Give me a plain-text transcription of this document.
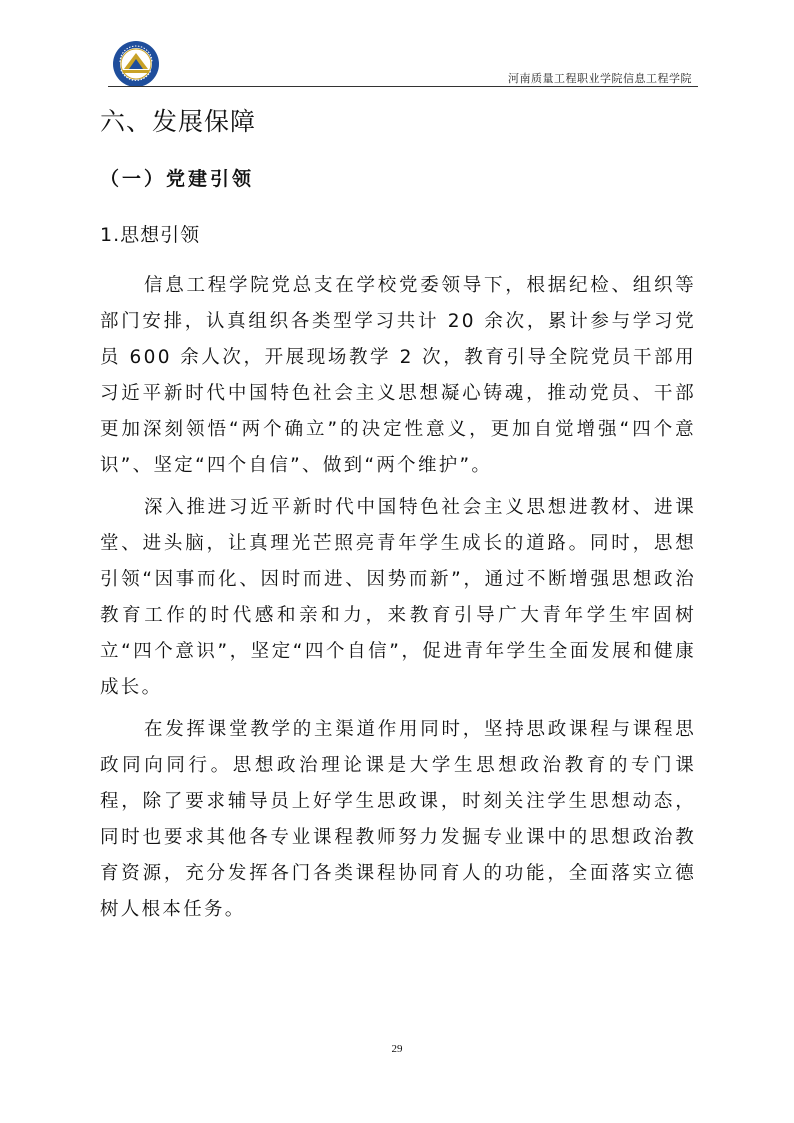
河南质量工程职业学院信息工程学院
六、发展保障
（一）党建引领
1.思想引领

信息工程学院党总支在学校党委领导下，根据纪检、组织等部门安排，认真组织各类型学习共计 20 余次，累计参与学习党员 600 余人次，开展现场教学 2 次，教育引导全院党员干部用习近平新时代中国特色社会主义思想凝心铸魂，推动党员、干部更加深刻领悟“两个确立”的决定性意义，更加自觉增强“四个意识”、坚定“四个自信”、做到“两个维护”。

深入推进习近平新时代中国特色社会主义思想进教材、进课堂、进头脑，让真理光芒照亮青年学生成长的道路。同时，思想引领“因事而化、因时而进、因势而新”，通过不断增强思想政治教育工作的时代感和亲和力，来教育引导广大青年学生牢固树立“四个意识”，坚定“四个自信”，促进青年学生全面发展和健康成长。

在发挥课堂教学的主渠道作用同时，坚持思政课程与课程思政同向同行。思想政治理论课是大学生思想政治教育的专门课程，除了要求辅导员上好学生思政课，时刻关注学生思想动态，同时也要求其他各专业课程教师努力发掘专业课中的思想政治教育资源，充分发挥各门各类课程协同育人的功能，全面落实立德树人根本任务。

29
